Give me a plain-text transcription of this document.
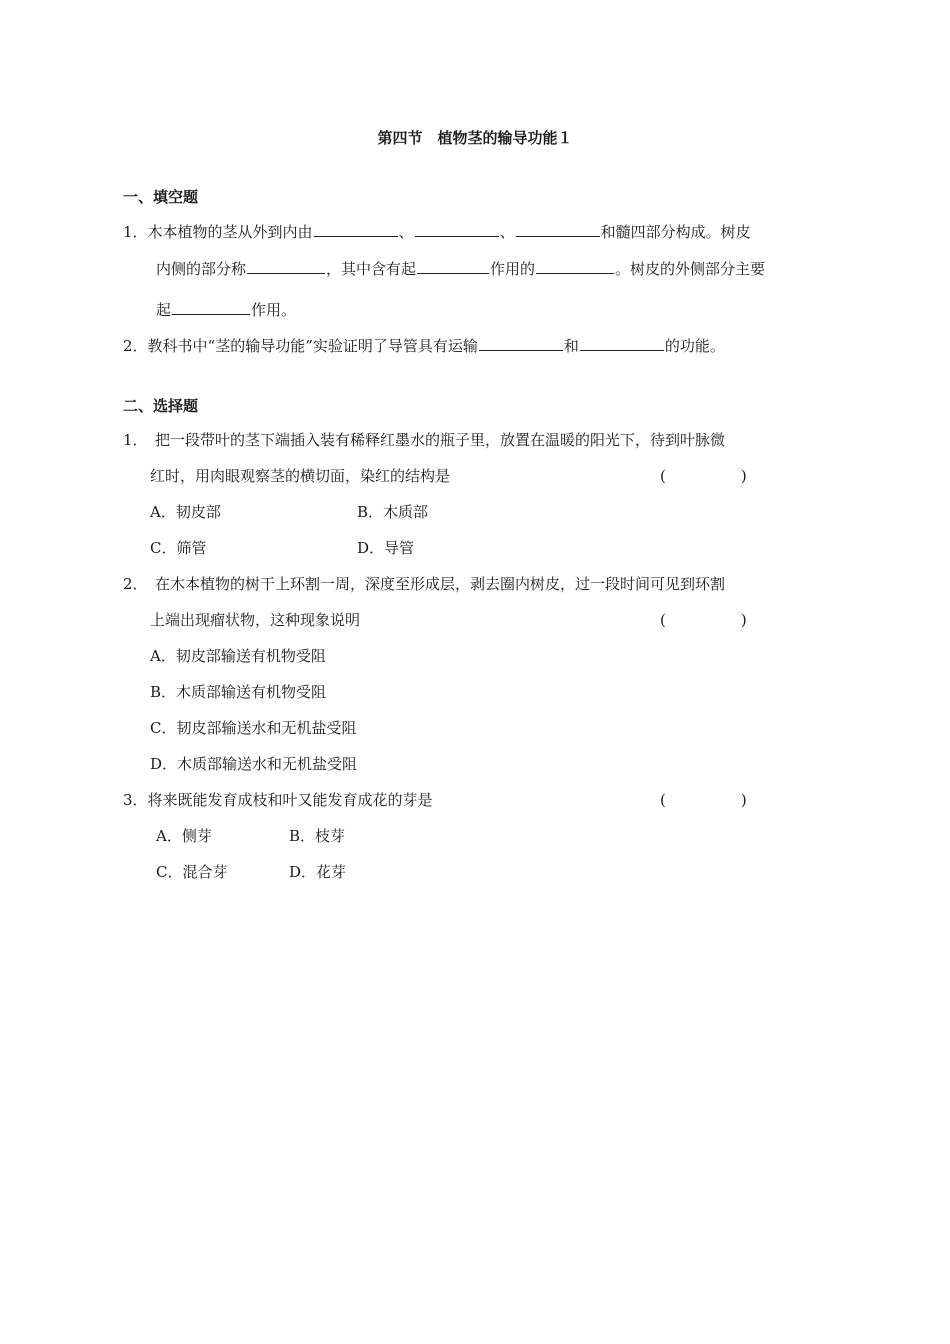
第四节　植物茎的输导功能１
一、填空题
1．木本植物的茎从外到内由	、	、	和髓四部分构成。树皮
内侧的部分称	，其中含有起	作用的	。树皮的外侧部分主要
起	作用。
2．教科书中“茎的输导功能”实验证明了导管具有运输	和	的功能。
二、选择题
1．　把一段带叶的茎下端插入装有稀释红墨水的瓶子里，放置在温暖的阳光下，待到叶脉微
红时，用肉眼观察茎的横切面，染红的结构是	(　　　　　)
A．韧皮部	B．木质部
C．筛管	D．导管
2．　在木本植物的树干上环割一周，深度至形成层，剥去圈内树皮，过一段时间可见到环割
上端出现瘤状物，这种现象说明	(　　　　　)
A．韧皮部输送有机物受阻
B．木质部输送有机物受阻
C．韧皮部输送水和无机盐受阻
D．木质部输送水和无机盐受阻
3．将来既能发育成枝和叶又能发育成花的芽是	(　　　　　)
A．侧芽	B．枝芽
C．混合芽	D．花芽
